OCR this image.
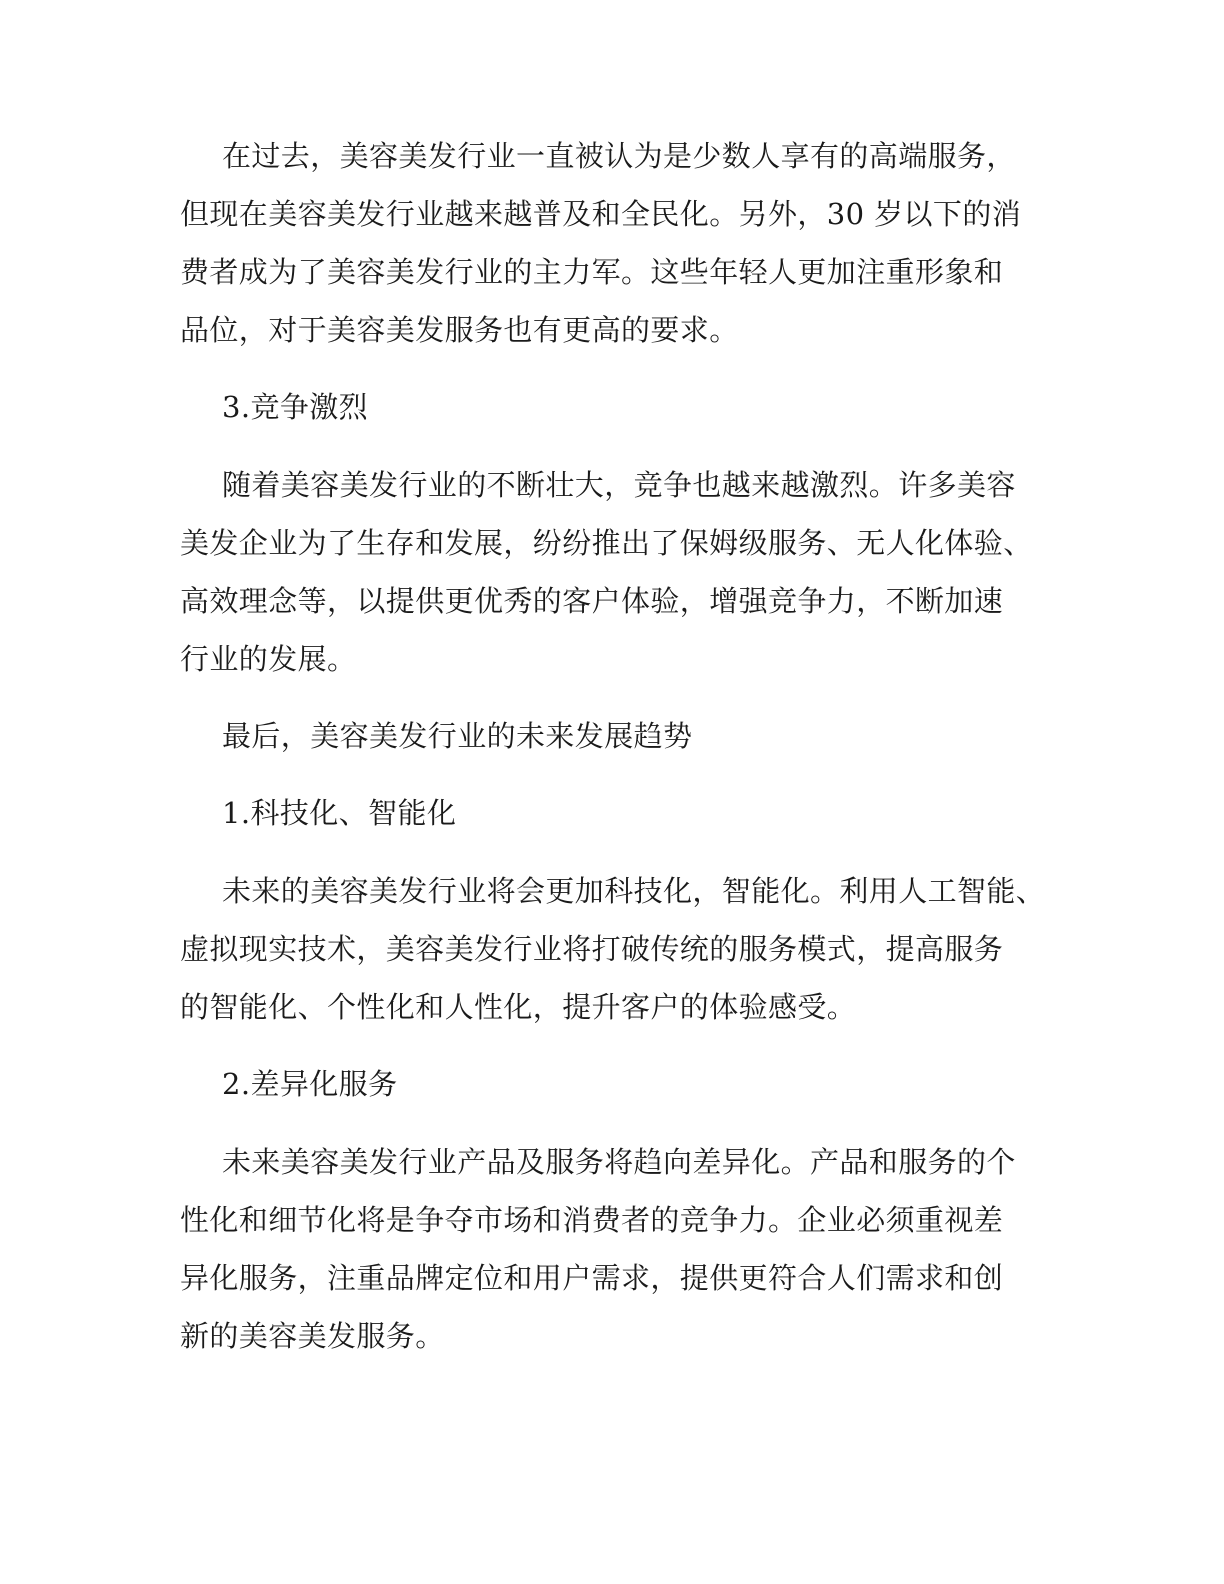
在过去，美容美发行业一直被认为是少数人享有的高端服务，
但现在美容美发行业越来越普及和全民化。另外，30 岁以下的消
费者成为了美容美发行业的主力军。这些年轻人更加注重形象和
品位，对于美容美发服务也有更高的要求。
3.竞争激烈
随着美容美发行业的不断壮大，竞争也越来越激烈。许多美容
美发企业为了生存和发展，纷纷推出了保姆级服务、无人化体验、
高效理念等，以提供更优秀的客户体验，增强竞争力，不断加速
行业的发展。
最后，美容美发行业的未来发展趋势
1.科技化、智能化
未来的美容美发行业将会更加科技化，智能化。利用人工智能、
虚拟现实技术，美容美发行业将打破传统的服务模式，提高服务
的智能化、个性化和人性化，提升客户的体验感受。
2.差异化服务
未来美容美发行业产品及服务将趋向差异化。产品和服务的个
性化和细节化将是争夺市场和消费者的竞争力。企业必须重视差
异化服务，注重品牌定位和用户需求，提供更符合人们需求和创
新的美容美发服务。
